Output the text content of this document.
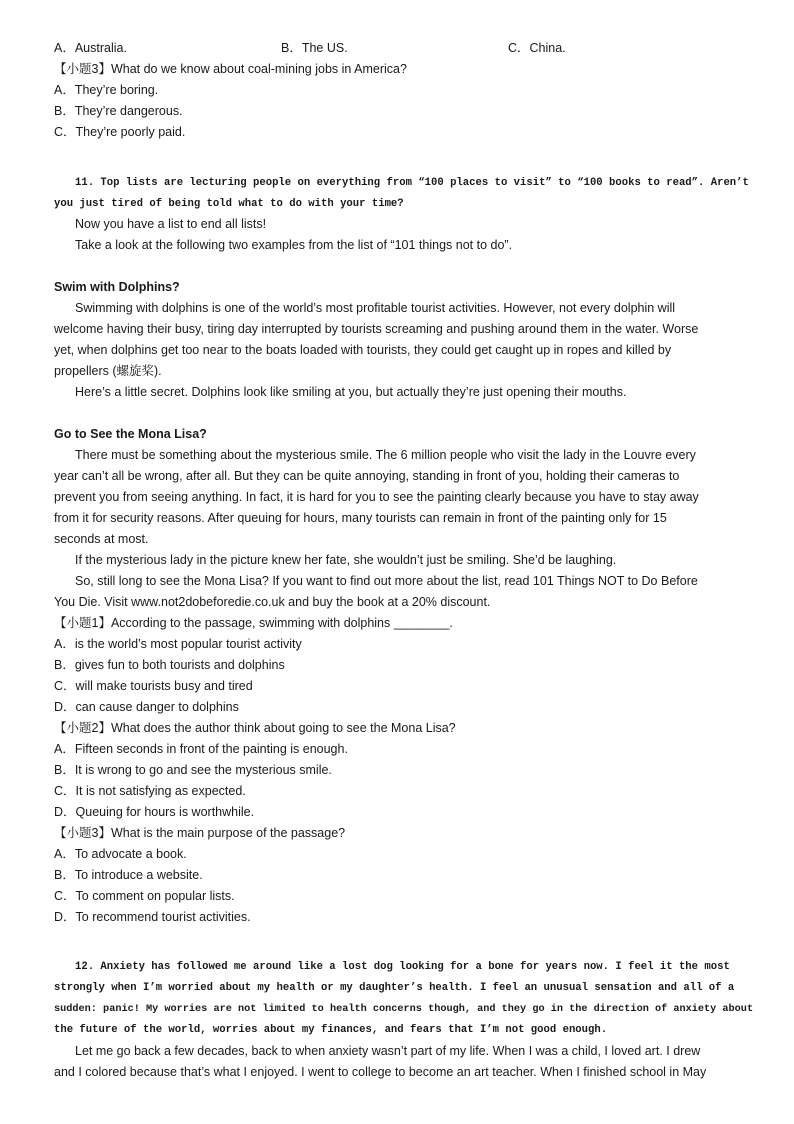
A．Australia.	B．The US.	C．China.
【小题3】What do we know about coal-mining jobs in America?
A．They’re boring.
B．They’re dangerous.
C．They’re poorly paid.
11. Top lists are lecturing people on everything from “100 places to visit” to “100 books to read”. Aren’t
you just tired of being told what to do with your time?
Now you have a list to end all lists!
Take a look at the following two examples from the list of “101 things not to do”.
Swim with Dolphins?
Swimming with dolphins is one of the world’s most profitable tourist activities. However, not every dolphin will
welcome having their busy, tiring day interrupted by tourists screaming and pushing around them in the water. Worse
yet, when dolphins get too near to the boats loaded with tourists, they could get caught up in ropes and killed by
propellers (螺旋桨).
Here’s a little secret. Dolphins look like smiling at you, but actually they’re just opening their mouths.
Go to See the Mona Lisa?
There must be something about the mysterious smile. The 6 million people who visit the lady in the Louvre every
year can’t all be wrong, after all. But they can be quite annoying, standing in front of you, holding their cameras to
prevent you from seeing anything. In fact, it is hard for you to see the painting clearly because you have to stay away
from it for security reasons. After queuing for hours, many tourists can remain in front of the painting only for 15
seconds at most.
If the mysterious lady in the picture knew her fate, she wouldn’t just be smiling. She’d be laughing.
So, still long to see the Mona Lisa? If you want to find out more about the list, read 101 Things NOT to Do Before
You Die. Visit www.not2dobeforedie.co.uk and buy the book at a 20% discount.
【小题1】According to the passage, swimming with dolphins ________.
A．is the world’s most popular tourist activity
B．gives fun to both tourists and dolphins
C．will make tourists busy and tired
D．can cause danger to dolphins
【小题2】What does the author think about going to see the Mona Lisa?
A．Fifteen seconds in front of the painting is enough.
B．It is wrong to go and see the mysterious smile.
C．It is not satisfying as expected.
D．Queuing for hours is worthwhile.
【小题3】What is the main purpose of the passage?
A．To advocate a book.
B．To introduce a website.
C．To comment on popular lists.
D．To recommend tourist activities.
12. Anxiety has followed me around like a lost dog looking for a bone for years now. I feel it the most
strongly when I’m worried about my health or my daughter’s health. I feel an unusual sensation and all of a
sudden: panic! My worries are not limited to health concerns though, and they go in the direction of anxiety about
the future of the world, worries about my finances, and fears that I’m not good enough.
Let me go back a few decades, back to when anxiety wasn’t part of my life. When I was a child, I loved art. I drew
and I colored because that’s what I enjoyed. I went to college to become an art teacher. When I finished school in May
